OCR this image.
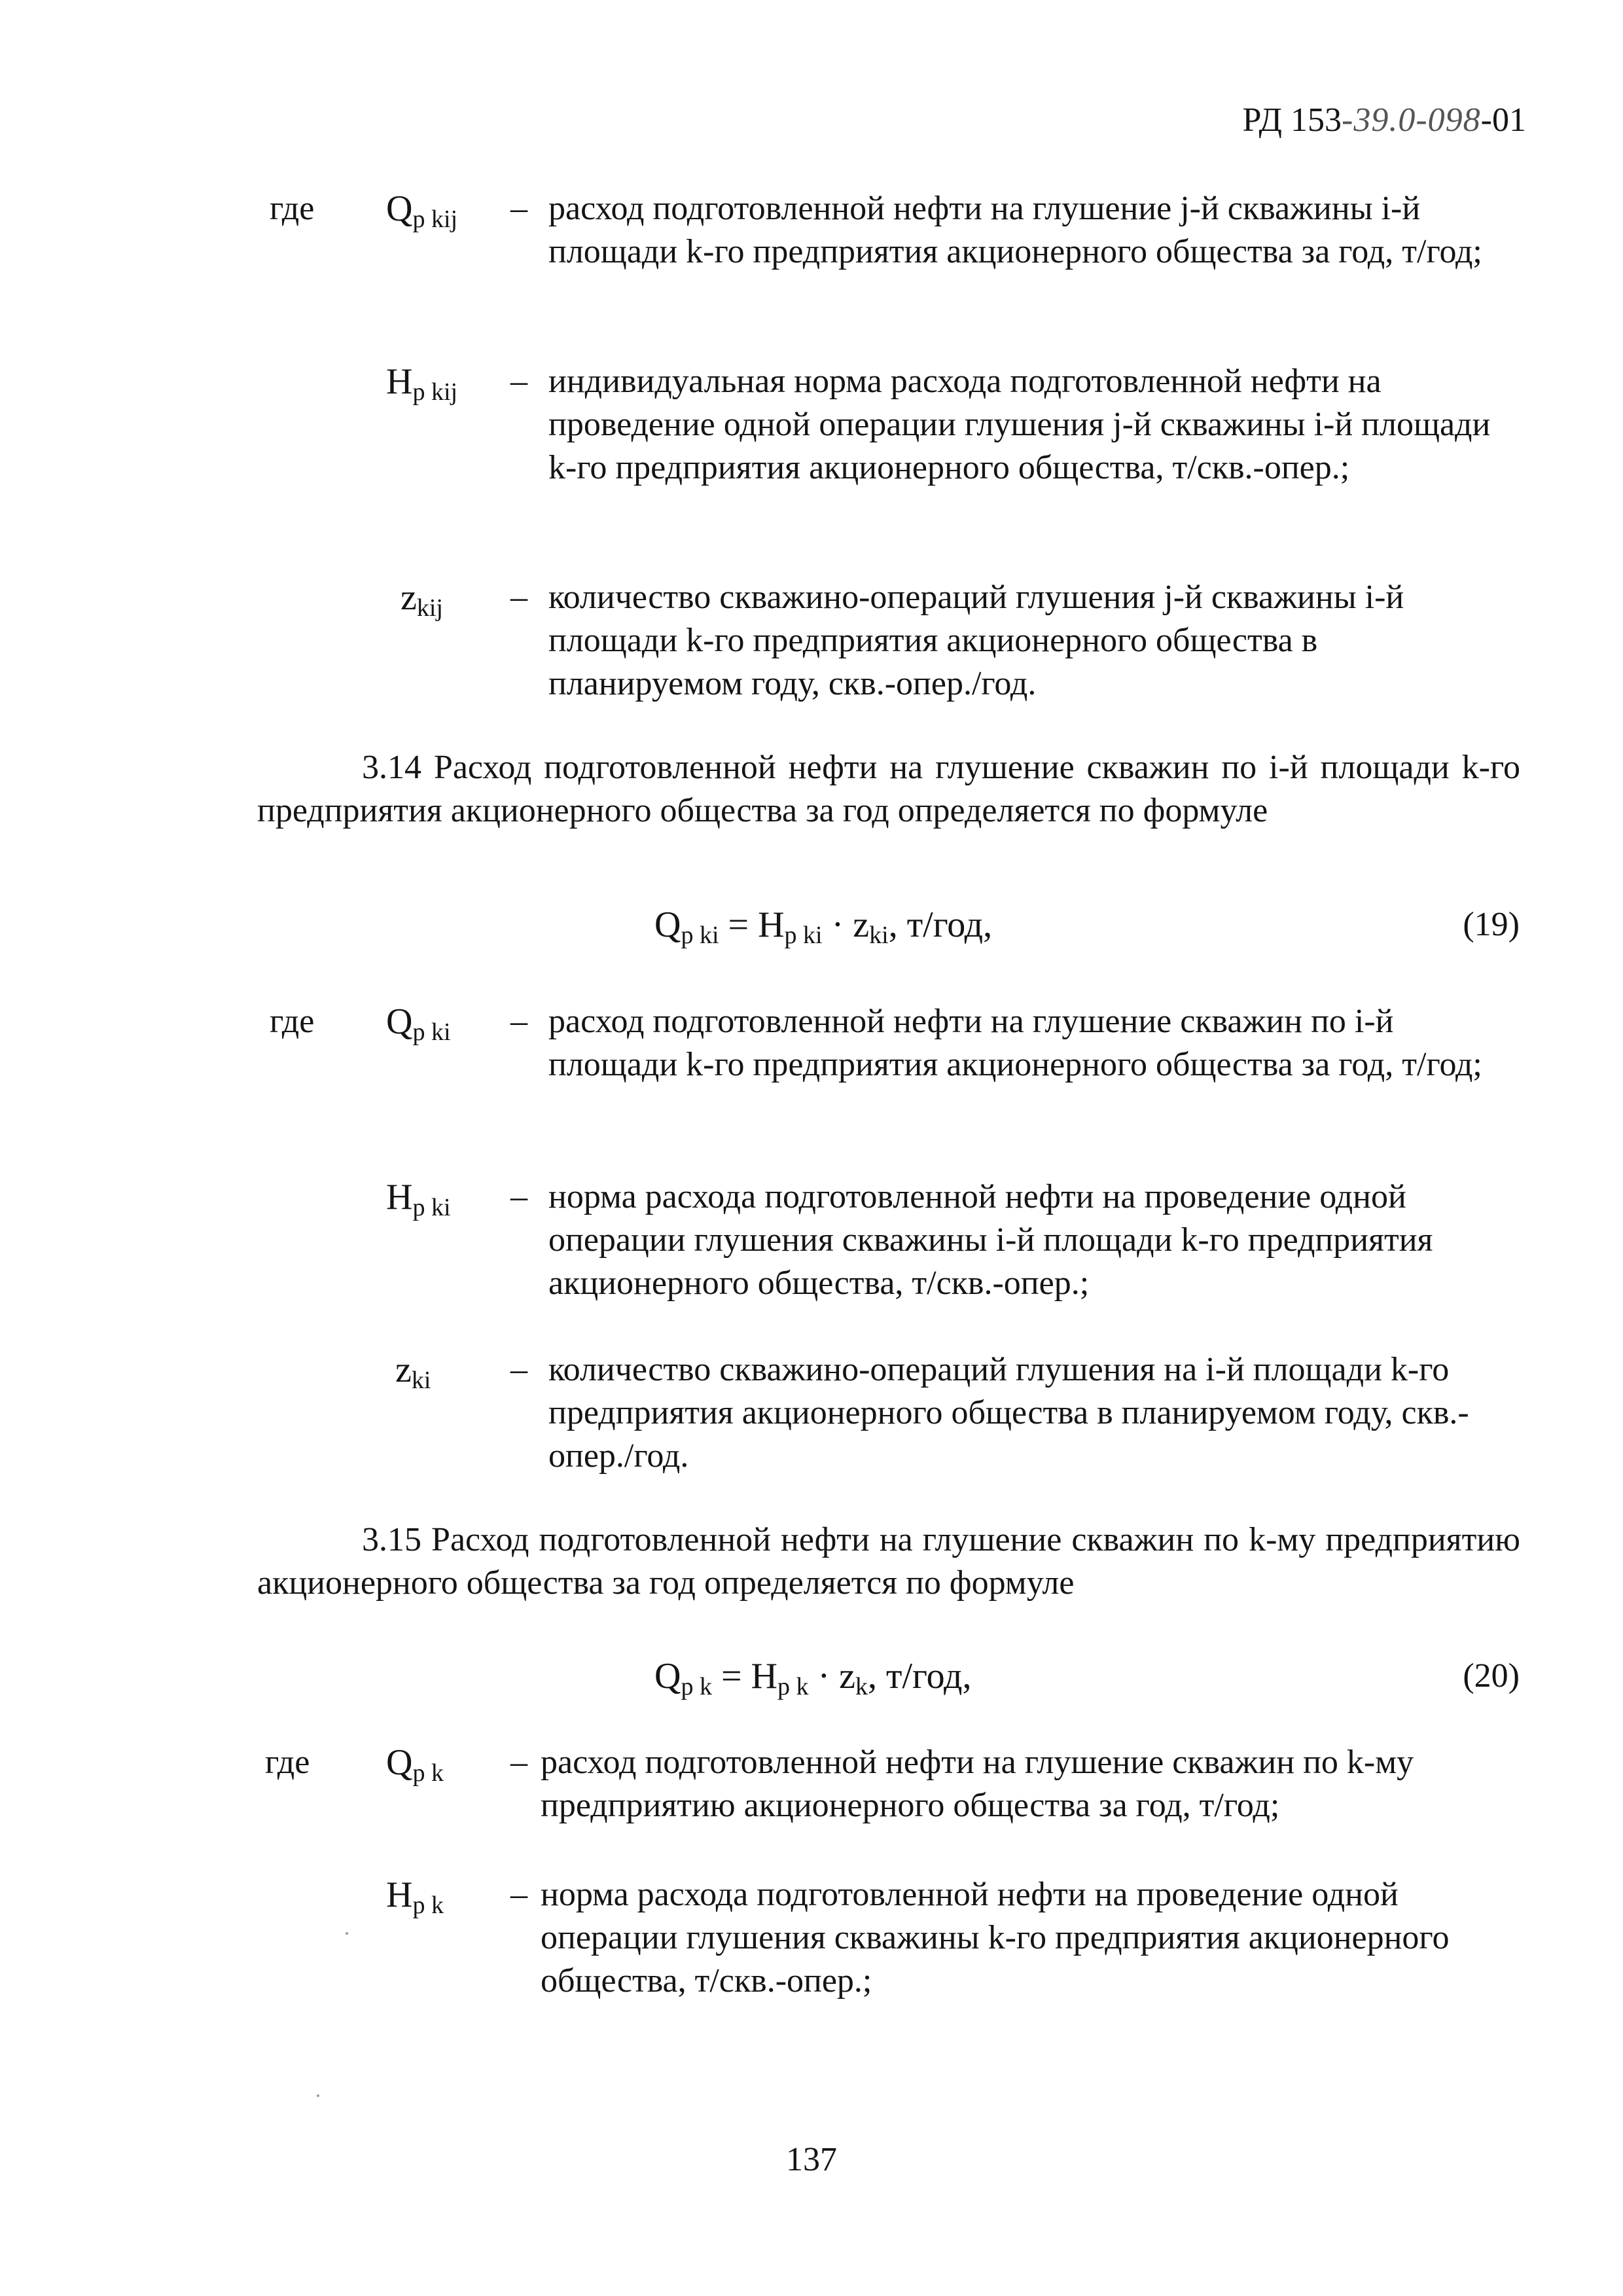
РД 153-39.0-098-01
где $Q_{p kij}$ – расход подготовленной нефти на глушение j-й скважины i-й площади k-го предприятия акционерного общества за год, т/год;
$H_{p kij}$ – индивидуальная норма расхода подготовленной нефти на проведение одной операции глушения j-й скважины i-й площади k-го предприятия акционерного общества, т/скв.-опер.;
$z_{kij}$ – количество скважино-операций глушения j-й скважины i-й площади k-го предприятия акционерного общества в планируемом году, скв.-опер./год.
3.14 Расход подготовленной нефти на глушение скважин по i-й площади k-го предприятия акционерного общества за год определяется по формуле
$Q_{p ki} = H_{p ki} \cdot z_{ki}$, т/год,	(19)
где $Q_{p ki}$ – расход подготовленной нефти на глушение скважин по i-й площади k-го предприятия акционерного общества за год, т/год;
$H_{p ki}$ – норма расхода подготовленной нефти на проведение одной операции глушения скважины i-й площади k-го предприятия акционерного общества, т/скв.-опер.;
$z_{ki}$ – количество скважино-операций глушения на i-й площади k-го предприятия акционерного общества в планируемом году, скв.-опер./год.
3.15 Расход подготовленной нефти на глушение скважин по k-му предприятию акционерного общества за год определяется по формуле
$Q_{p k} = H_{p k} \cdot z_k$, т/год,	(20)
где $Q_{p k}$ – расход подготовленной нефти на глушение скважин по k-му предприятию акционерного общества за год, т/год;
$H_{p k}$ – норма расхода подготовленной нефти на проведение одной операции глушения скважины k-го предприятия акционерного общества, т/скв.-опер.;
137
